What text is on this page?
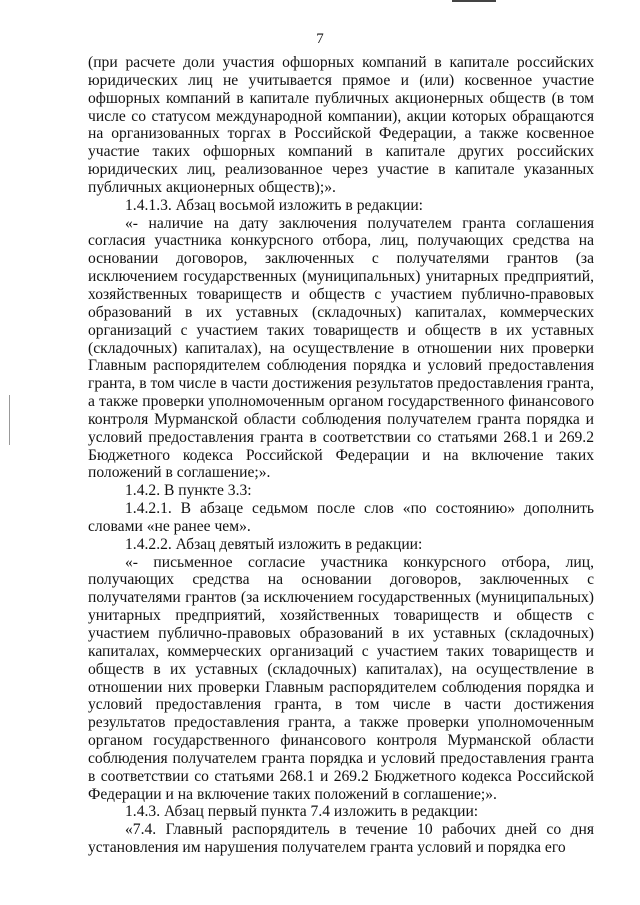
7

(при расчете доли участия офшорных компаний в капитале российских юридических лиц не учитывается прямое и (или) косвенное участие офшорных компаний в капитале публичных акционерных обществ (в том числе со статусом международной компании), акции которых обращаются на организованных торгах в Российской Федерации, а также косвенное участие таких офшорных компаний в капитале других российских юридических лиц, реализованное через участие в капитале указанных публичных акционерных обществ);».

1.4.1.3. Абзац восьмой изложить в редакции:

«- наличие на дату заключения получателем гранта соглашения согласия участника конкурсного отбора, лиц, получающих средства на основании договоров, заключенных с получателями грантов (за исключением государственных (муниципальных) унитарных предприятий, хозяйственных товариществ и обществ с участием публично-правовых образований в их уставных (складочных) капиталах, коммерческих организаций с участием таких товариществ и обществ в их уставных (складочных) капиталах), на осуществление в отношении них проверки Главным распорядителем соблюдения порядка и условий предоставления гранта, в том числе в части достижения результатов предоставления гранта, а также проверки уполномоченным органом государственного финансового контроля Мурманской области соблюдения получателем гранта порядка и условий предоставления гранта в соответствии со статьями 268.1 и 269.2 Бюджетного кодекса Российской Федерации и на включение таких положений в соглашение;».

1.4.2. В пункте 3.3:

1.4.2.1. В абзаце седьмом после слов «по состоянию» дополнить словами «не ранее чем».

1.4.2.2. Абзац девятый изложить в редакции:

«- письменное согласие участника конкурсного отбора, лиц, получающих средства на основании договоров, заключенных с получателями грантов (за исключением государственных (муниципальных) унитарных предприятий, хозяйственных товариществ и обществ с участием публично-правовых образований в их уставных (складочных) капиталах, коммерческих организаций с участием таких товариществ и обществ в их уставных (складочных) капиталах), на осуществление в отношении них проверки Главным распорядителем соблюдения порядка и условий предоставления гранта, в том числе в части достижения результатов предоставления гранта, а также проверки уполномоченным органом государственного финансового контроля Мурманской области соблюдения получателем гранта порядка и условий предоставления гранта в соответствии со статьями 268.1 и 269.2 Бюджетного кодекса Российской Федерации и на включение таких положений в соглашение;».

1.4.3. Абзац первый пункта 7.4 изложить в редакции:

«7.4. Главный распорядитель в течение 10 рабочих дней со дня установления им нарушения получателем гранта условий и порядка его
